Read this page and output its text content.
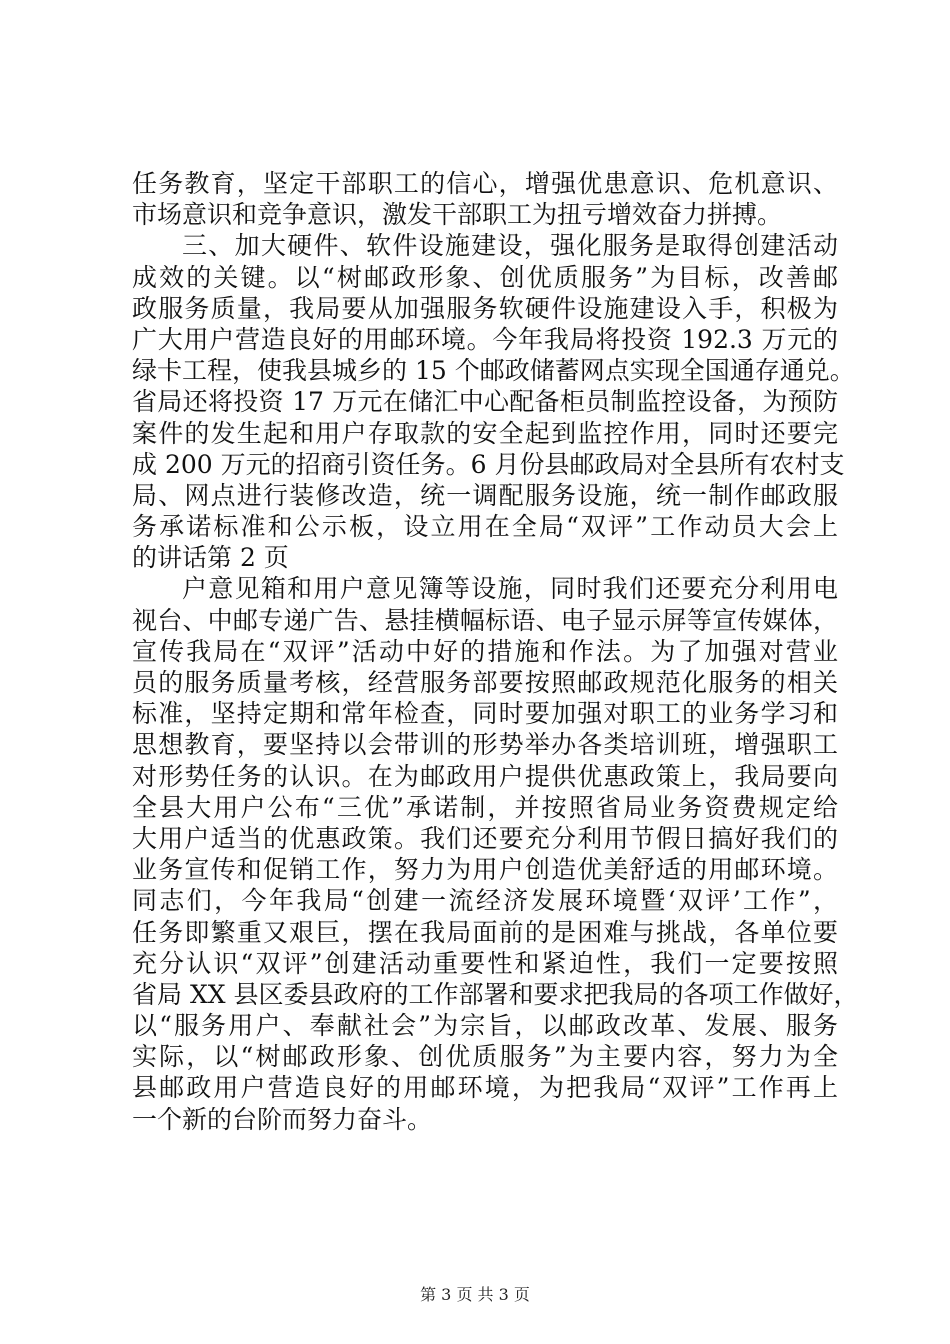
任务教育，坚定干部职工的信心，增强优患意识、危机意识、
市场意识和竞争意识，激发干部职工为扭亏增效奋力拼搏。
三、加大硬件、软件设施建设，强化服务是取得创建活动
成效的关键。以“树邮政形象、创优质服务”为目标，改善邮
政服务质量，我局要从加强服务软硬件设施建设入手，积极为
广大用户营造良好的用邮环境。今年我局将投资 192.3 万元的
绿卡工程，使我县城乡的 15 个邮政储蓄网点实现全国通存通兑。
省局还将投资 17 万元在储汇中心配备柜员制监控设备，为预防
案件的发生起和用户存取款的安全起到监控作用，同时还要完
成 200 万元的招商引资任务。6 月份县邮政局对全县所有农村支
局、网点进行装修改造，统一调配服务设施，统一制作邮政服
务承诺标准和公示板，设立用在全局“双评”工作动员大会上
的讲话第 2 页
户意见箱和用户意见簿等设施，同时我们还要充分利用电
视台、中邮专递广告、悬挂横幅标语、电子显示屏等宣传媒体，
宣传我局在“双评”活动中好的措施和作法。为了加强对营业
员的服务质量考核，经营服务部要按照邮政规范化服务的相关
标准，坚持定期和常年检查，同时要加强对职工的业务学习和
思想教育，要坚持以会带训的形势举办各类培训班，增强职工
对形势任务的认识。在为邮政用户提供优惠政策上，我局要向
全县大用户公布“三优”承诺制，并按照省局业务资费规定给
大用户适当的优惠政策。我们还要充分利用节假日搞好我们的
业务宣传和促销工作，努力为用户创造优美舒适的用邮环境。
同志们，今年我局“创建一流经济发展环境暨‘双评’工作”，
任务即繁重又艰巨，摆在我局面前的是困难与挑战，各单位要
充分认识“双评”创建活动重要性和紧迫性，我们一定要按照
省局 XX 县区委县政府的工作部署和要求把我局的各项工作做好，
以“服务用户、奉献社会”为宗旨，以邮政改革、发展、服务
实际，以“树邮政形象、创优质服务”为主要内容，努力为全
县邮政用户营造良好的用邮环境，为把我局“双评”工作再上
一个新的台阶而努力奋斗。
第 3 页 共 3 页
